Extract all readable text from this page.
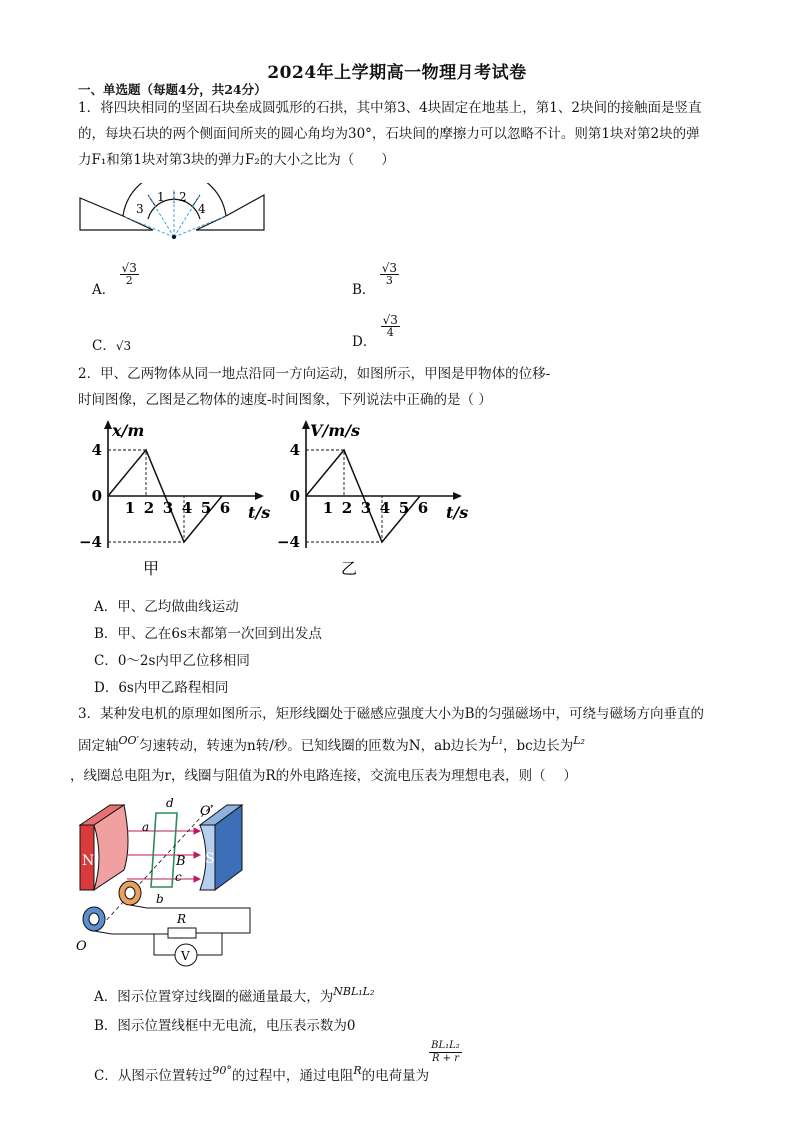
2024年上学期高一物理月考试卷
一、单选题（每题4分，共24分）
1．将四块相同的坚固石块垒成圆弧形的石拱，其中第3、4块固定在地基上，第1、2块间的接触面是竖直
的，每块石块的两个侧面间所夹的圆心角均为30°，石块间的摩擦力可以忽略不计。则第1块对第2块的弹
力F₁和第1块对第3块的弹力F₂的大小之比为（　　）
3
1 2
4
A．
$\frac{√3}{2}$
B．
$\frac{√3}{3}$
C．√3	D．
$\frac{√3}{4}$
2．甲、乙两物体从同一地点沿同一方向运动，如图所示，甲图是甲物体的位移-
时间图像，乙图是乙物体的速度-时间图象，下列说法中正确的是（ ）
4
0
−4
1 2 3 4 5 6
x/m
t/s
甲
4
0
−4
1 2 3 4 5 6
V/m/s
t/s
乙
A．甲、乙均做曲线运动
B．甲、乙在6s末都第一次回到出发点
C．0～2s内甲乙位移相同
D．6s内甲乙路程相同
3．某种发电机的原理如图所示，矩形线圈处于磁感应强度大小为B的匀强磁场中，可绕与磁场方向垂直的
固定轴$^{OO'}$匀速转动，转速为n转/秒。已知线圈的匝数为N，ab边长为$^{L_1}$，bc边长为$^{L_2}$
，线圈总电阻为r，线圈与阻值为R的外电路连接，交流电压表为理想电表，则（　 ）
N	S
d
O′
a
B
c
b
O
R
V
A．图示位置穿过线圈的磁通量最大，为$^{NBL_1L_2}$
B．图示位置线框中无电流，电压表示数为0
C．从图示位置转过$_{90^\circ}$的过程中，通过电阻$_R$的电荷量为
$\frac{\text{BL₁L₂}}{R + r}$
